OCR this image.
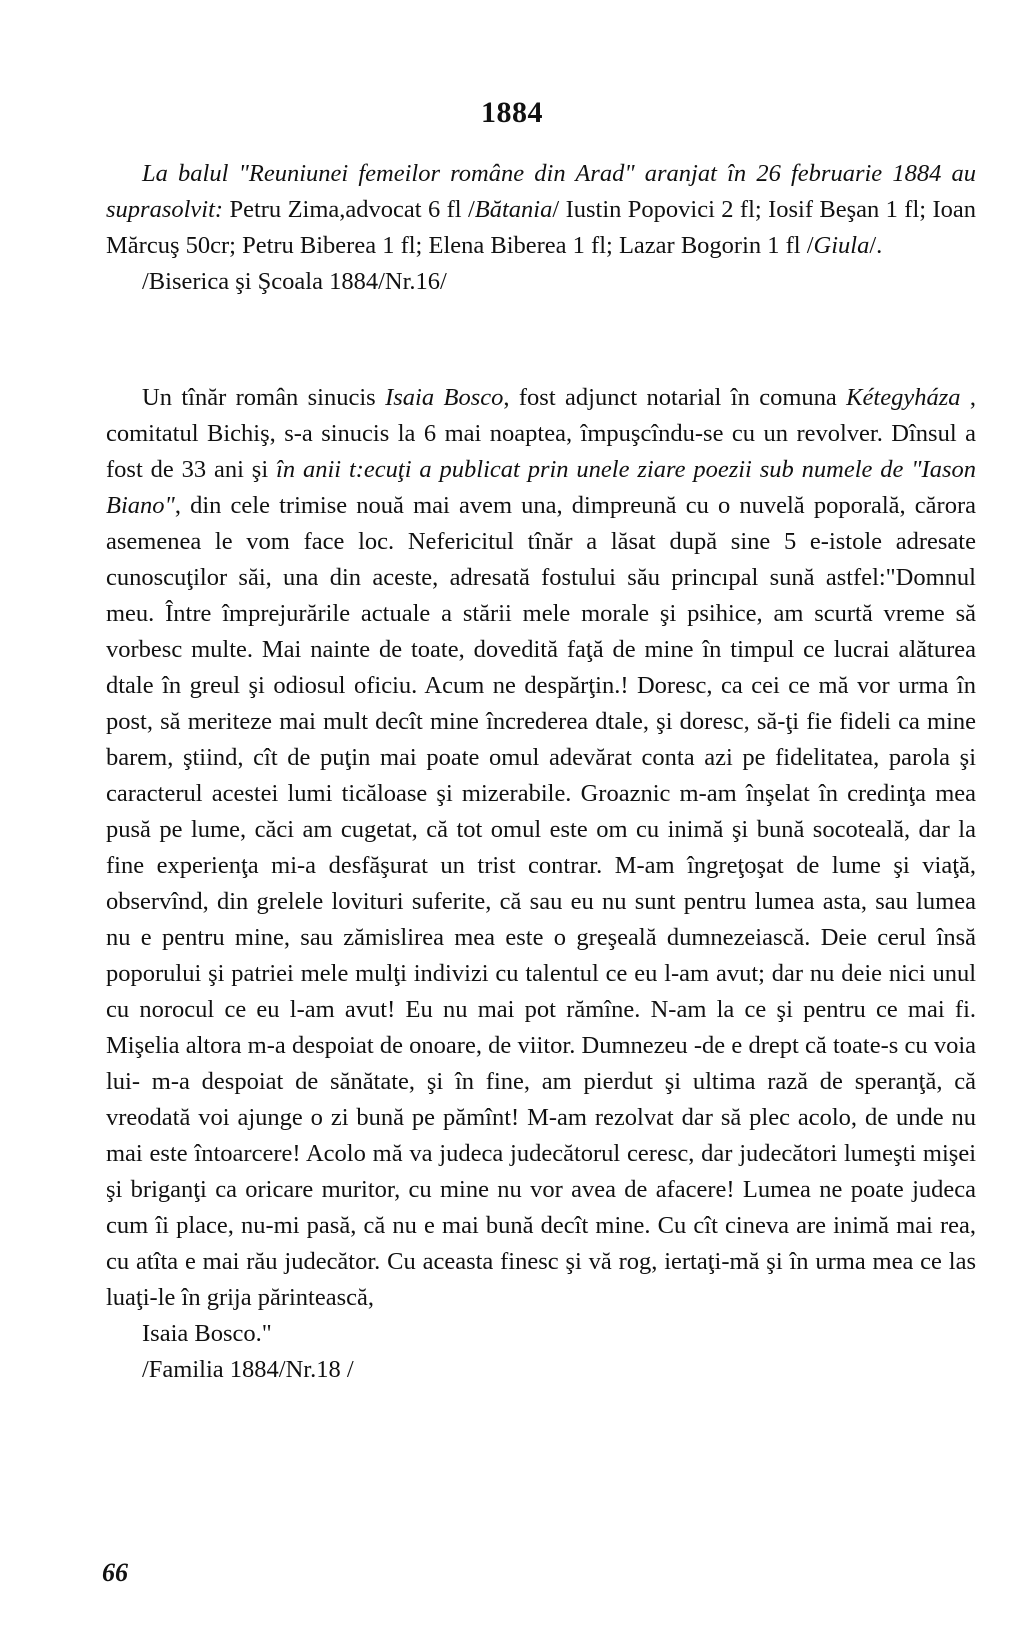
1884

La balul "Reuniunei femeilor române din Arad" aranjat în 26 februarie 1884 au suprasolvit: Petru Zima,advocat 6 fl /Bătania/ Iustin Popovici 2 fl; Iosif Beşan 1 fl; Ioan Mărcuş 50cr; Petru Biberea 1 fl; Elena Biberea 1 fl; Lazar Bogorin 1 fl /Giula/.

/Biserica şi Şcoala 1884/Nr.16/

Un tînăr român sinucis Isaia Bosco, fost adjunct notarial în comuna Kétegyháza , comitatul Bichiş, s-a sinucis la 6 mai noaptea, împuşcîndu-se cu un revolver. Dînsul a fost de 33 ani şi în anii t:ecuţi a publicat prin unele ziare poezii sub numele de "Iason Biano", din cele trimise nouă mai avem una, dimpreună cu o nuvelă poporală, cărora asemenea le vom face loc. Nefericitul tînăr a lăsat după sine 5 e-istole adresate cunoscuţilor săi, una din aceste, adresată fostului său princıpal sună astfel:"Domnul meu. Între împrejurările actuale a stării mele morale şi psihice, am scurtă vreme să vorbesc multe. Mai nainte de toate, dovedită faţă de mine în timpul ce lucrai alăturea dtale în greul şi odiosul oficiu. Acum ne despărţin.! Doresc, ca cei ce mă vor urma în post, să meriteze mai mult decît mine încrederea dtale, şi doresc, să-ţi fie fideli ca mine barem, ştiind, cît de puţin mai poate omul adevărat conta azi pe fidelitatea, parola şi caracterul acestei lumi ticăloase şi mizerabile. Groaznic m-am înşelat în credinţa mea pusă pe lume, căci am cugetat, că tot omul este om cu inimă şi bună socoteală, dar la fine experienţa mi-a desfăşurat un trist contrar. M-am îngreţoşat de lume şi viaţă, observînd, din grelele lovituri suferite, că sau eu nu sunt pentru lumea asta, sau lumea nu e pentru mine, sau zămislirea mea este o greşeală dumnezeiască. Deie cerul însă poporului şi patriei mele mulţi indivizi cu talentul ce eu l-am avut; dar nu deie nici unul cu norocul ce eu l-am avut! Eu nu mai pot rămîne. N-am la ce şi pentru ce mai fi. Mişelia altora m-a despoiat de onoare, de viitor. Dumnezeu -de e drept că toate-s cu voia lui- m-a despoiat de sănătate, şi în fine, am pierdut şi ultima rază de speranţă, că vreodată voi ajunge o zi bună pe pămînt! M-am rezolvat dar să plec acolo, de unde nu mai este întoarcere! Acolo mă va judeca judecătorul ceresc, dar judecători lumeşti mişei şi briganţi ca oricare muritor, cu mine nu vor avea de afacere! Lumea ne poate judeca cum îi place, nu-mi pasă, că nu e mai bună decît mine. Cu cît cineva are inimă mai rea, cu atîta e mai rău judecător. Cu aceasta finesc şi vă rog, iertaţi-mă şi în urma mea ce las luaţi-le în grija părintească,

Isaia Bosco."

/Familia 1884/Nr.18 /

66
